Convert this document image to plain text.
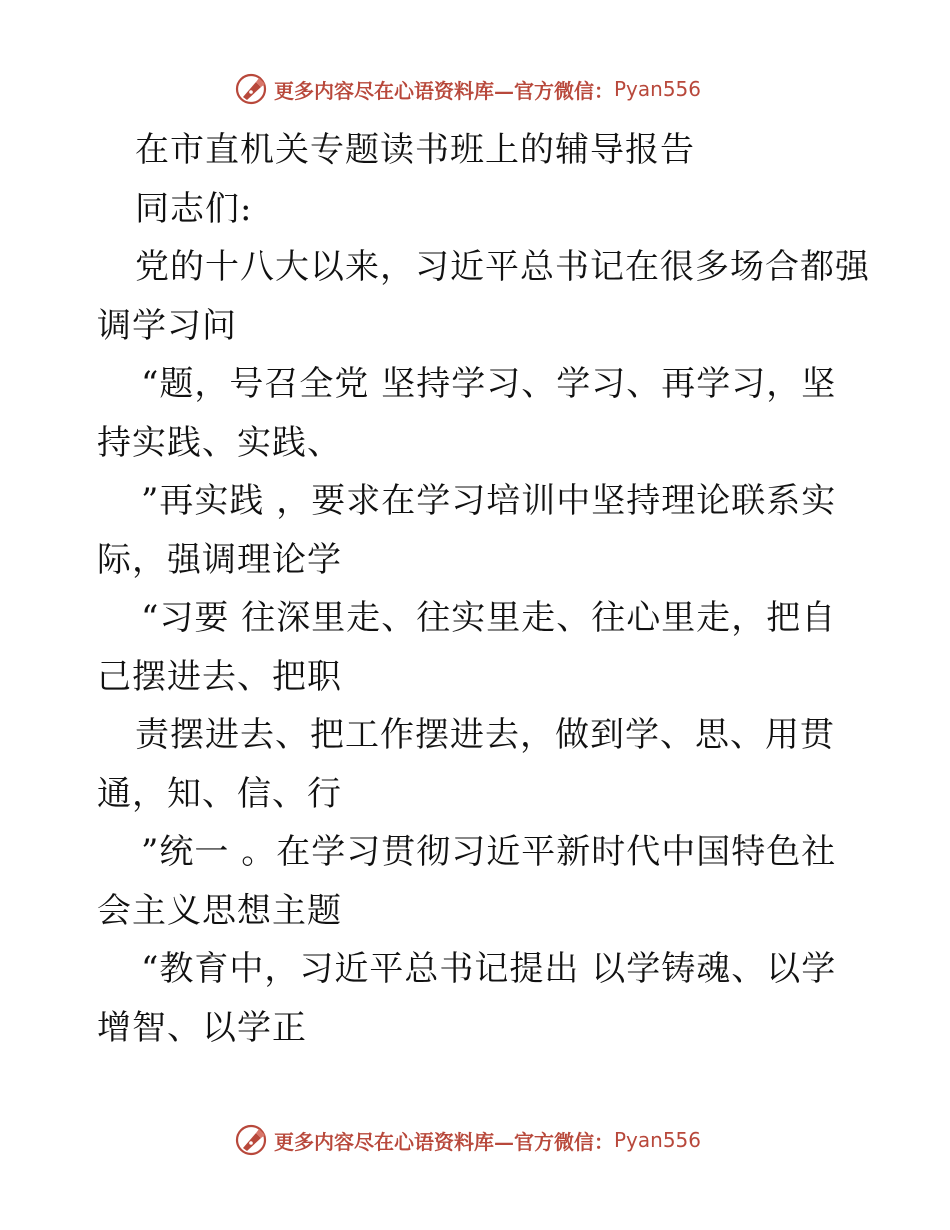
更多内容尽在心语资料库—官方微信： Pyan556
在市直机关专题读书班上的辅导报告
同志们:
党的十八大以来，习近平总书记在很多场合都强
调学习问
“题，号召全党 坚持学习、学习、再学习，坚
持实践、实践、
”再实践 ，要求在学习培训中坚持理论联系实
际，强调理论学
“习要 往深里走、往实里走、往心里走，把自
己摆进去、把职
责摆进去、把工作摆进去，做到学、思、用贯
通，知、信、行
”统一 。在学习贯彻习近平新时代中国特色社
会主义思想主题
“教育中，习近平总书记提出 以学铸魂、以学
增智、以学正
更多内容尽在心语资料库—官方微信： Pyan556
